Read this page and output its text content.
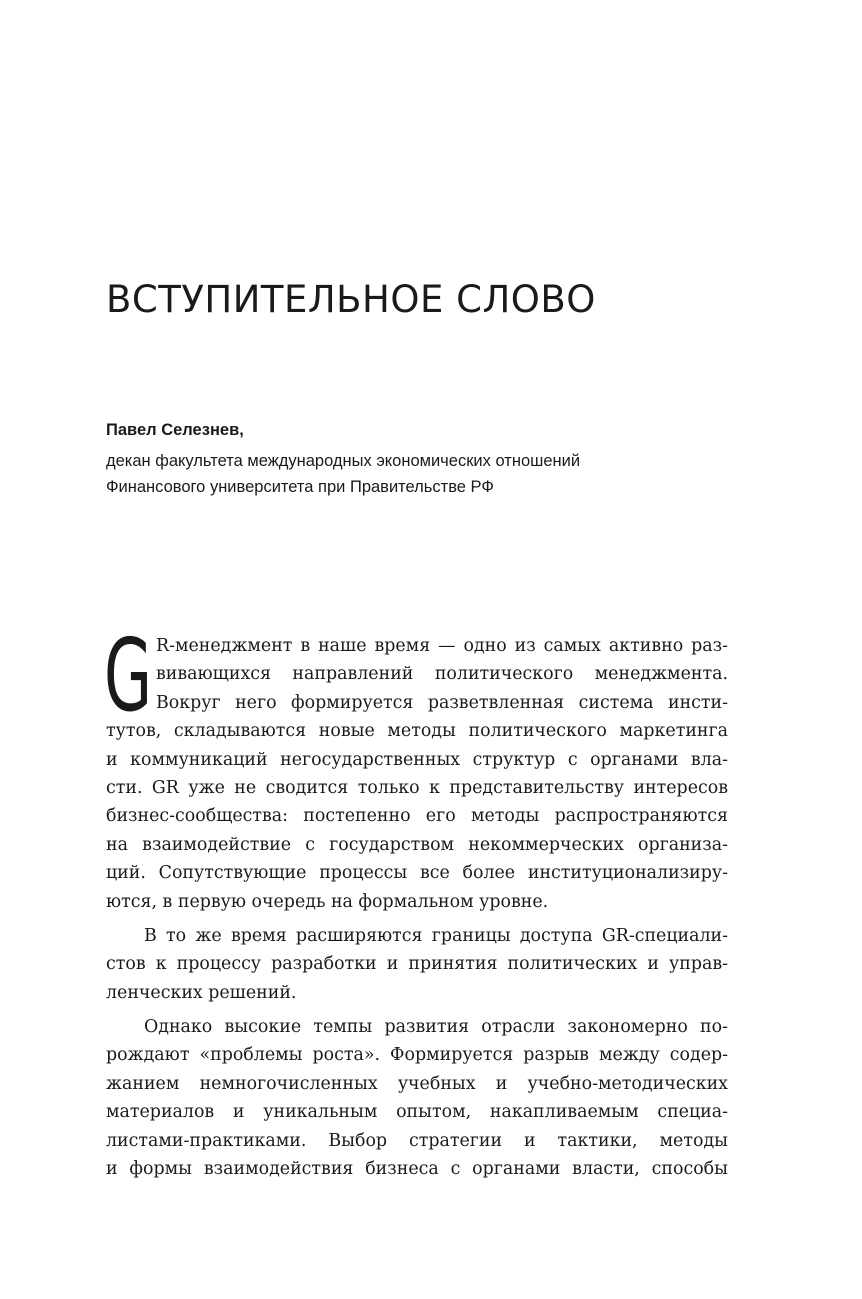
ВСТУПИТЕЛЬНОЕ СЛОВО

Павел Селезнев,

декан факультета международных экономических отношений
Финансового университета при Правительстве РФ

G R-менеджмент в наше время — одно из самых активно раз-
вивающихся направлений политического менеджмента.
Вокруг него формируется разветвленная система инсти-
тутов, складываются новые методы политического маркетинга
и коммуникаций негосударственных структур с органами вла-
сти. GR уже не сводится только к представительству интересов
бизнес-сообщества: постепенно его методы распространяются
на взаимодействие с государством некоммерческих организа-
ций. Сопутствующие процессы все более институционализиру-
ются, в первую очередь на формальном уровне.
В то же время расширяются границы доступа GR-специали-
стов к процессу разработки и принятия политических и управ-
ленческих решений.
Однако высокие темпы развития отрасли закономерно по-
рождают «проблемы роста». Формируется разрыв между содер-
жанием немногочисленных учебных и учебно-методических
материалов и уникальным опытом, накапливаемым специа-
листами-практиками. Выбор стратегии и тактики, методы
и формы взаимодействия бизнеса с органами власти, способы
